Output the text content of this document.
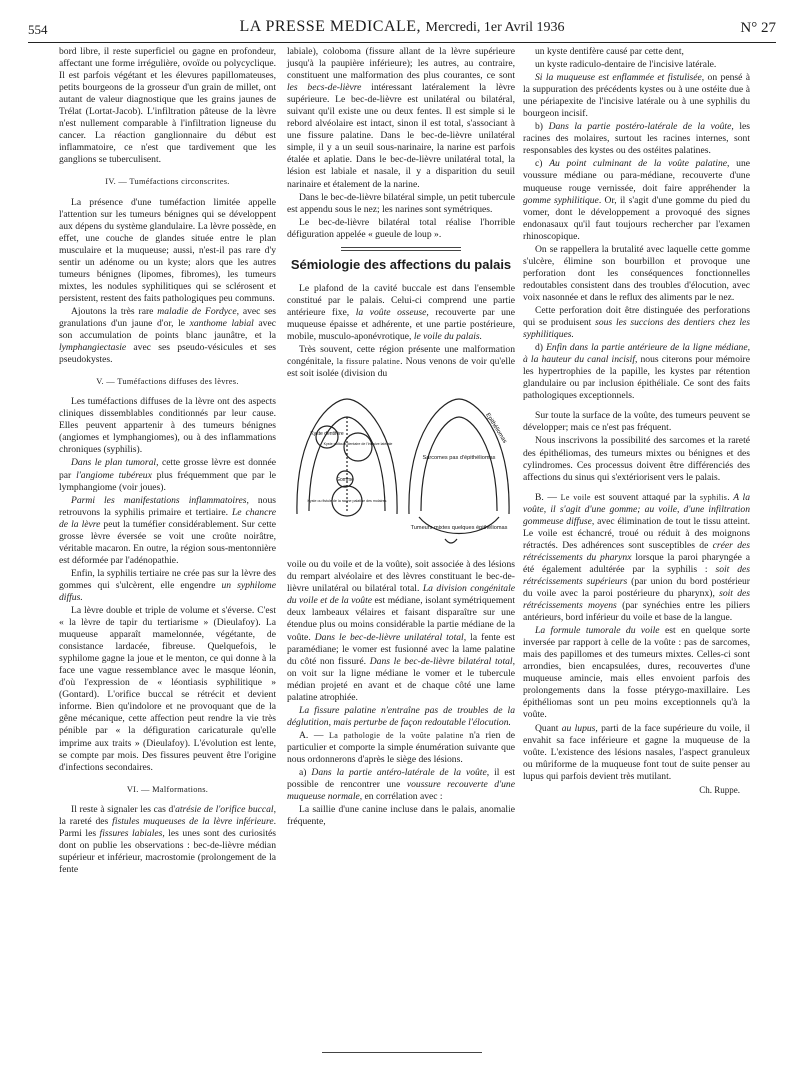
554	LA PRESSE MEDICALE, Mercredi, 1er Avril 1936	N° 27

bord libre, il reste superficiel ou gagne en profondeur, affectant une forme irrégulière, ovoïde ou polycyclique. Il est parfois végétant et les élevures papillomateuses, petits bourgeons de la grosseur d'un grain de millet, ont autant de valeur diagnostique que les grains jaunes de Trélat (Lortat-Jacob). L'infiltration pâteuse de la lèvre n'est nullement comparable à l'infiltration ligneuse du cancer. La réaction ganglionnaire du début est inflammatoire, ce n'est que tardivement que les ganglions se tuberculisent.

IV. — Tuméfactions circonscrites.

La présence d'une tuméfaction limitée appelle l'attention sur les tumeurs bénignes qui se développent aux dépens du système glandulaire. La lèvre possède, en effet, une couche de glandes située entre le plan musculaire et la muqueuse; aussi, n'est-il pas rare d'y sentir un adénome ou un kyste; alors que les autres tumeurs bénignes (lipomes, fibromes), les tumeurs mixtes, les nodules syphilitiques qui se sclérosent et persistent, restent des faits pathologiques peu communs.

Ajoutons la très rare maladie de Fordyce, avec ses granulations d'un jaune d'or, le xanthome labial avec son accumulation de points blanc jaunâtre, et la lymphangiectasie avec ses pseudo-vésicules et ses pseudokystes.

V. — Tuméfactions diffuses des lèvres.

Les tuméfactions diffuses de la lèvre ont des aspects cliniques dissemblables conditionnés par leur cause. Elles peuvent appartenir à des tumeurs bénignes (angiomes et lymphangiomes), ou à des inflammations chroniques (syphilis).

Dans le plan tumoral, cette grosse lèvre est donnée par l'angiome tubéreux plus fréquemment que par le lymphangiome (voir joues).

Parmi les manifestations inflammatoires, nous retrouvons la syphilis primaire et tertiaire. Le chancre de la lèvre peut la tuméfier considérablement. Sur cette grosse lèvre éversée se voit une croûte noirâtre, véritable macaron. En outre, la région sous-mentonnière est déformée par l'adénopathie.

Enfin, la syphilis tertiaire ne crée pas sur la lèvre des gommes qui s'ulcèrent, elle engendre un syphilome diffus.

La lèvre double et triple de volume et s'éverse. C'est « la lèvre de tapir du tertiarisme » (Dieulafoy). La muqueuse apparaît mamelonnée, végétante, de consistance lardacée, fibreuse. Quelquefois, le syphilome gagne la joue et le menton, ce qui donne à la face une vague ressemblance avec le masque léonin, d'où l'expression de « léontiasis syphilitique » (Gontard). L'orifice buccal se rétrécit et devient informe. Bien qu'indolore et ne provoquant que de la gêne mécanique, cette affection peut rendre la vie très pénible par « la défiguration caricaturale qu'elle imprime aux traits » (Dieulafoy). L'évolution est lente, se compte par mois. Des fissures peuvent être l'origine d'infections secondaires.

VI. — Malformations.

Il reste à signaler les cas d'atrésie de l'orifice buccal, la rareté des fistules muqueuses de la lèvre inférieure. Parmi les fissures labiales, les unes sont des curiosités dont on publie les observations : bec-de-lièvre médian supérieur et inférieur, macrostomie (prolongement de la fente

labiale), coloboma (fissure allant de la lèvre supérieure jusqu'à la paupière inférieure); les autres, au contraire, constituent une malformation des plus courantes, ce sont les becs-de-lièvre intéressant latéralement la lèvre supérieure. Le bec-de-lièvre est unilatéral ou bilatéral, suivant qu'il existe une ou deux fentes. Il est simple si le rebord alvéolaire est intact, sinon il est total, s'associant à une fissure palatine. Dans le bec-de-lièvre unilatéral simple, il y a un seuil sous-narinaire, la narine est parfois étalée et aplatie. Dans le bec-de-lièvre unilatéral total, la lésion est labiale et nasale, il y a disparition du seuil narinaire et étalement de la narine.

Dans le bec-de-lièvre bilatéral simple, un petit tubercule est appendu sous le nez; les narines sont symétriques.

Le bec-de-lièvre bilatéral total réalise l'horrible défiguration appelée « gueule de loup ».

Sémiologie des affections du palais

Le plafond de la cavité buccale est dans l'ensemble constitué par le palais. Celui-ci comprend une partie antérieure fixe, la voûte osseuse, recouverte par une muqueuse épaisse et adhérente, et une partie postérieure, mobile, musculo-aponévrotique, le voile du palais.

Très souvent, cette région présente une malformation congénitale, la fissure palatine. Nous venons de voir qu'elle est soit isolée (division du

Kyste dentifère
Kyste radiculo-dentaire de l'incisive latérale
Gomme
Kyste ou fistule de la racine palatine des molaires
Epithéliomas
Sarcomes pas d'épithéliomas
Tumeurs mixtes quelques épithéliomas

voile ou du voile et de la voûte), soit associée à des lésions du rempart alvéolaire et des lèvres constituant le bec-de-lièvre unilatéral ou bilatéral total. La division congénitale du voile et de la voûte est médiane, isolant symétriquement deux lambeaux vélaires et faisant disparaître sur une étendue plus ou moins considérable la partie médiane de la voûte. Dans le bec-de-lièvre unilatéral total, la fente est paramédiane; le vomer est fusionné avec la lame palatine du côté non fissuré. Dans le bec-de-lièvre bilatéral total, on voit sur la ligne médiane le vomer et le tubercule médian projeté en avant et de chaque côté une lame palatine atrophiée.

La fissure palatine n'entraîne pas de troubles de la déglutition, mais perturbe de façon redoutable l'élocution.

A. — La pathologie de la voûte palatine n'a rien de particulier et comporte la simple énumération suivante que nous ordonnerons d'après le siège des lésions.

a) Dans la partie antéro-latérale de la voûte, il est possible de rencontrer une voussure recouverte d'une muqueuse normale, en corrélation avec :

La saillie d'une canine incluse dans le palais, anomalie fréquente,

un kyste dentifère causé par cette dent,

un kyste radiculo-dentaire de l'incisive latérale.

Si la muqueuse est enflammée et fistulisée, on pensé à la suppuration des précédents kystes ou à une ostéite due à une périapexite de l'incisive latérale ou à une syphilis du bourgeon incisif.

b) Dans la partie postéro-latérale de la voûte, les racines des molaires, surtout les racines internes, sont responsables des kystes ou des ostéites palatines.

c) Au point culminant de la voûte palatine, une voussure médiane ou para-médiane, recouverte d'une muqueuse rouge vernissée, doit faire appréhender la gomme syphilitique. Or, il s'agit d'une gomme du pied du vomer, dont le développement a provoqué des signes endonasaux qu'il faut toujours rechercher par l'examen rhinoscopique.

On se rappellera la brutalité avec laquelle cette gomme s'ulcère, élimine son bourbillon et provoque une perforation dont les conséquences fonctionnelles redoutables consistent dans des troubles d'élocution, avec voix nasonnée et dans le reflux des aliments par le nez.

Cette perforation doit être distinguée des perforations qui se produisent sous les succions des dentiers chez les syphilitiques.

d) Enfin dans la partie antérieure de la ligne médiane, à la hauteur du canal incisif, nous citerons pour mémoire les hypertrophies de la papille, les kystes par rétention glandulaire ou par inclusion épithéliale. Ce sont des faits pathologiques exceptionnels.

Sur toute la surface de la voûte, des tumeurs peuvent se développer; mais ce n'est pas fréquent.

Nous inscrivons la possibilité des sarcomes et la rareté des épithéliomas, des tumeurs mixtes ou bénignes et des cylindromes. Ces processus doivent être différenciés des affections du sinus qui s'extériorisent vers le palais.

B. — Le voile est souvent attaqué par la syphilis. A la voûte, il s'agit d'une gomme; au voile, d'une infiltration gommeuse diffuse, avec élimination de tout le tissu atteint. Le voile est échancré, troué ou réduit à des moignons rétractés. Des adhérences sont susceptibles de créer des rétrécissements du pharynx lorsque la paroi pharyngée a été également adultérée par la syphilis : soit des rétrécissements supérieurs (par union du bord postérieur du voile avec la paroi postérieure du pharynx), soit des rétrécissements moyens (par synéchies entre les piliers antérieurs, bord inférieur du voile et base de la langue.

La formule tumorale du voile est en quelque sorte inversée par rapport à celle de la voûte : pas de sarcomes, mais des papillomes et des tumeurs mixtes. Celles-ci sont arrondies, bien encapsulées, dures, recouvertes d'une muqueuse amincie, mais elles envoient parfois des prolongements dans la fosse ptérygo-maxillaire. Les épithéliomas sont un peu moins exceptionnels qu'à la voûte.

Quant au lupus, parti de la face supérieure du voile, il envahit sa face inférieure et gagne la muqueuse de la voûte. L'existence des lésions nasales, l'aspect granuleux ou mûriforme de la muqueuse font tout de suite penser au lupus qui parfois devient très mutilant.

Ch. Ruppe.
